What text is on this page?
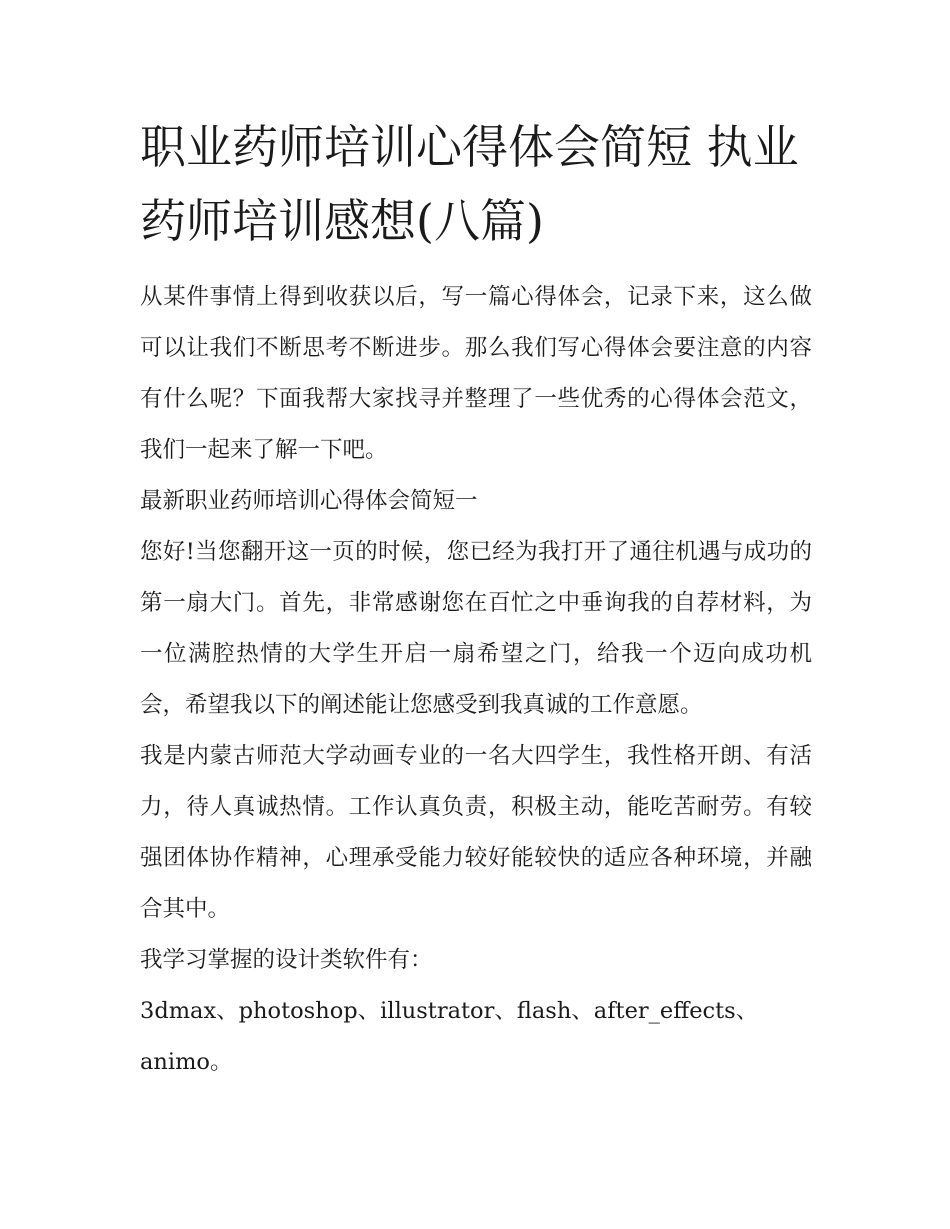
职业药师培训心得体会简短 执业药师培训感想(八篇)

从某件事情上得到收获以后，写一篇心得体会，记录下来，这么做可以让我们不断思考不断进步。那么我们写心得体会要注意的内容有什么呢？下面我帮大家找寻并整理了一些优秀的心得体会范文，我们一起来了解一下吧。

最新职业药师培训心得体会简短一

您好!当您翻开这一页的时候，您已经为我打开了通往机遇与成功的第一扇大门。首先，非常感谢您在百忙之中垂询我的自荐材料，为一位满腔热情的大学生开启一扇希望之门，给我一个迈向成功机会，希望我以下的阐述能让您感受到我真诚的工作意愿。

我是内蒙古师范大学动画专业的一名大四学生，我性格开朗、有活力，待人真诚热情。工作认真负责，积极主动，能吃苦耐劳。有较强团体协作精神，心理承受能力较好能较快的适应各种环境，并融合其中。

我学习掌握的设计类软件有：

3dmax、photoshop、illustrator、flash、after_effects、animo。
